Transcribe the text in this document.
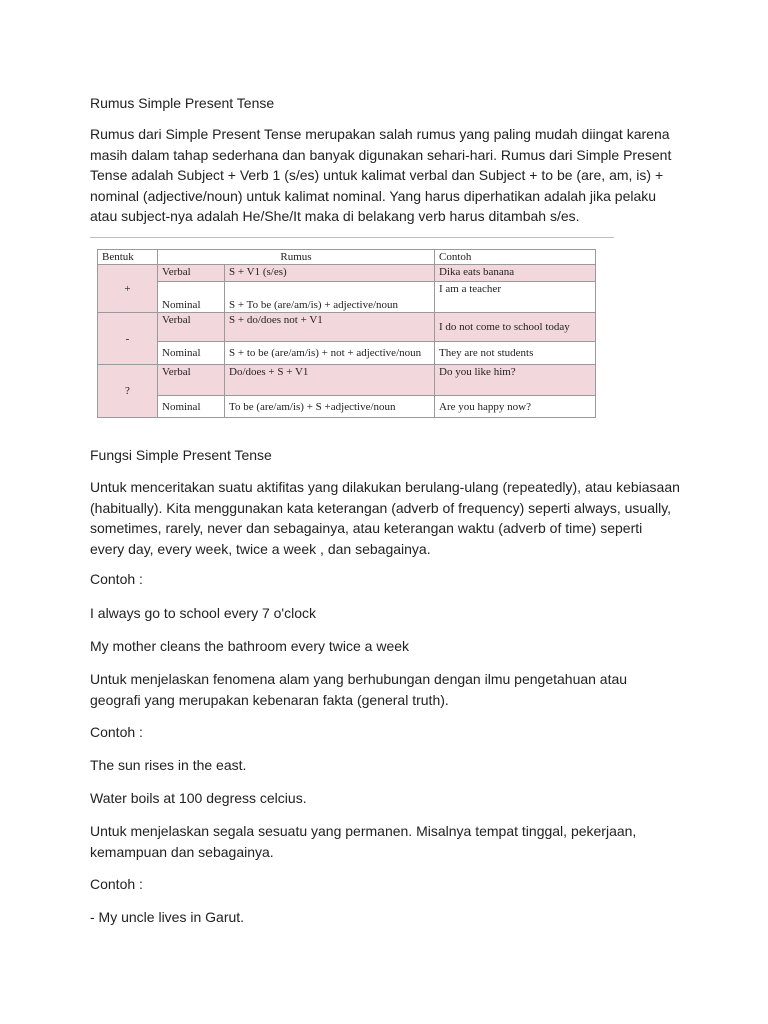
Rumus Simple Present Tense

Rumus dari Simple Present Tense merupakan salah rumus yang paling mudah diingat karena masih dalam tahap sederhana dan banyak digunakan sehari-hari. Rumus dari Simple Present Tense adalah Subject + Verb 1 (s/es) untuk kalimat verbal dan Subject + to be (are, am, is) + nominal (adjective/noun) untuk kalimat nominal. Yang harus diperhatikan adalah jika pelaku atau subject-nya adalah He/She/It maka di belakang verb harus ditambah s/es.

Bentuk	Rumus		Contoh
+	Verbal	S + V1 (s/es)	Dika eats banana
	Nominal	S + To be (are/am/is) + adjective/noun	I am a teacher
-	Verbal	S + do/does not + V1	I do not come to school today
	Nominal	S + to be (are/am/is) + not + adjective/noun	They are not students
?	Verbal	Do/does + S + V1	Do you like him?
	Nominal	To be (are/am/is) + S +adjective/noun	Are you happy now?

Fungsi Simple Present Tense

Untuk menceritakan suatu aktifitas yang dilakukan berulang-ulang (repeatedly), atau kebiasaan (habitually). Kita menggunakan kata keterangan (adverb of frequency) seperti always, usually, sometimes, rarely, never dan sebagainya, atau keterangan waktu (adverb of time) seperti every day, every week, twice a week , dan sebagainya.

Contoh :

I always go to school every 7 o'clock

My mother cleans the bathroom every twice a week

Untuk menjelaskan fenomena alam yang berhubungan dengan ilmu pengetahuan atau geografi yang merupakan kebenaran fakta (general truth).

Contoh :

The sun rises in the east.

Water boils at 100 degress celcius.

Untuk menjelaskan segala sesuatu yang permanen. Misalnya tempat tinggal, pekerjaan, kemampuan dan sebagainya.

Contoh :

- My uncle lives in Garut.
